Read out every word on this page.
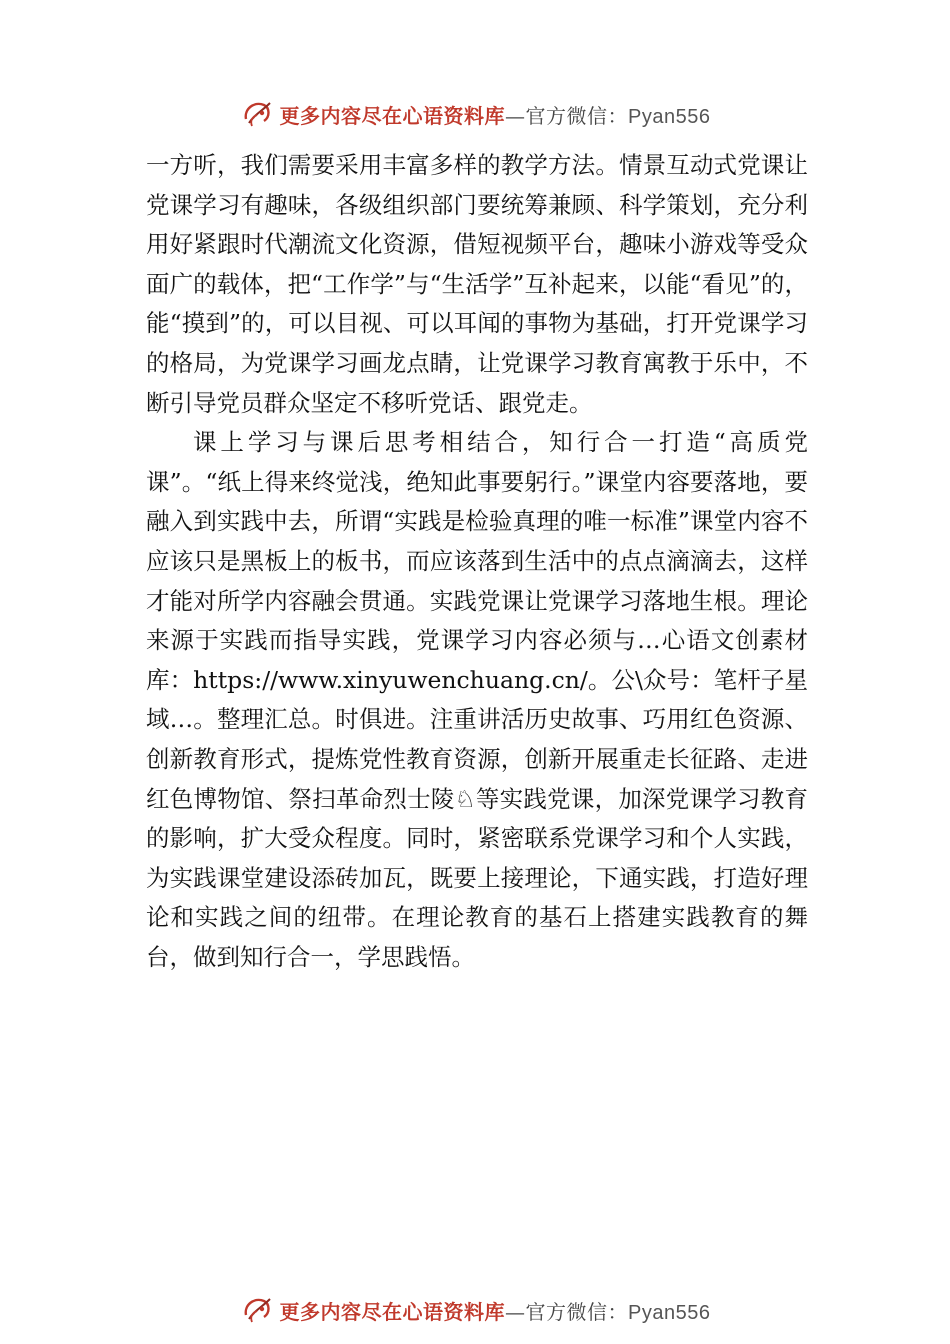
更多内容尽在心语资料库—官方微信：Pyan556

一方听，我们需要采用丰富多样的教学方法。情景互动式党课让党课学习有趣味，各级组织部门要统筹兼顾、科学策划，充分利用好紧跟时代潮流文化资源，借短视频平台，趣味小游戏等受众面广的载体，把“工作学”与“生活学”互补起来，以能“看见”的，能“摸到”的，可以目视、可以耳闻的事物为基础，打开党课学习的格局，为党课学习画龙点睛，让党课学习教育寓教于乐中，不断引导党员群众坚定不移听党话、跟党走。

课上学习与课后思考相结合，知行合一打造“高质党课”。“纸上得来终觉浅，绝知此事要躬行。”课堂内容要落地，要融入到实践中去，所谓“实践是检验真理的唯一标准”课堂内容不应该只是黑板上的板书，而应该落到生活中的点点滴滴去，这样才能对所学内容融会贯通。实践党课让党课学习落地生根。理论来源于实践而指导实践，党课学习内容必须与…心语文创素材库：https://www.xinyuwenchuang.cn/。公\众号：笔杆子星域…。整理汇总。时俱进。注重讲活历史故事、巧用红色资源、创新教育形式，提炼党性教育资源，创新开展重走长征路、走进红色博物馆、祭扫革命烈士陵♘等实践党课，加深党课学习教育的影响，扩大受众程度。同时，紧密联系党课学习和个人实践， 为实践课堂建设添砖加瓦，既要上接理论，下通实践，打造好理论和实践之间的纽带。在理论教育的基石上搭建实践教育的舞台，做到知行合一，学思践悟。

更多内容尽在心语资料库—官方微信：Pyan556
